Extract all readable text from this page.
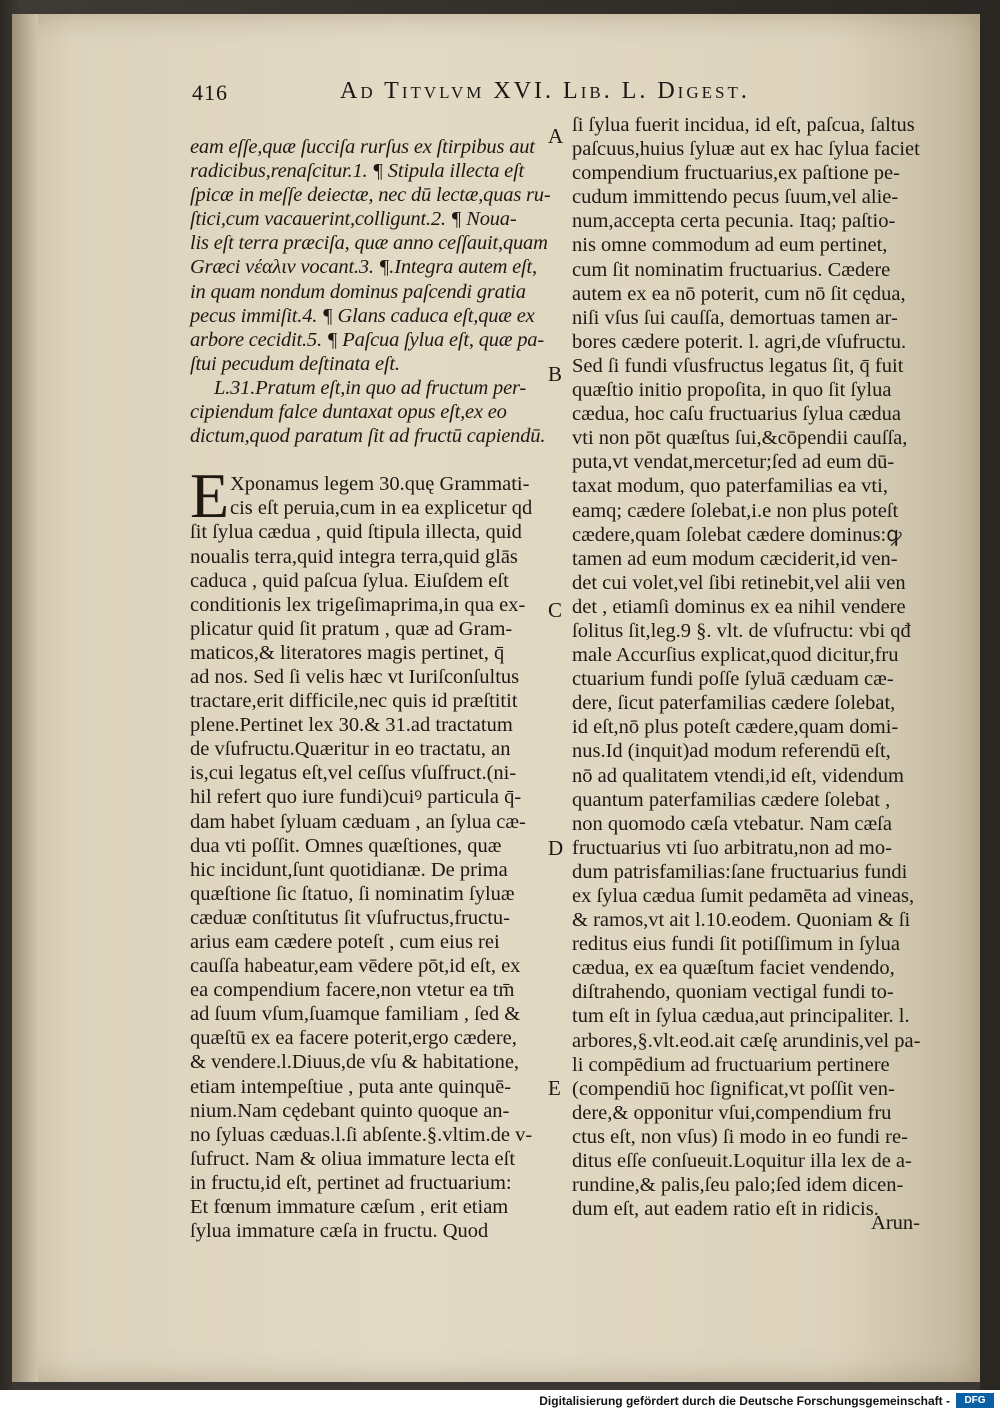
416	Ad Titvlvm XVI. Lib. L. Digest.
eam eſſe,quæ ſucciſa rurſus ex ſtirpibus aut
radicibus,renaſcitur.1. ¶ Stipula illecta eſt
ſpicæ in meſſe deiectæ, nec dū lectæ,quas ru-
ſtici,cum vacauerint,colligunt.2. ¶ Noua-
lis eſt terra præciſa, quæ anno ceſſauit,quam
Græci νέαλιν vocant.3. ¶.Integra autem eſt,
in quam nondum dominus paſcendi gratia
pecus immiſit.4. ¶ Glans caduca eſt,quæ ex
arbore cecidit.5. ¶ Paſcua ſylua eſt, quæ pa-
ſtui pecudum deſtinata eſt.
L.31.Pratum eſt,in quo ad fructum per-
cipiendum falce duntaxat opus eſt,ex eo
dictum,quod paratum ſit ad fructū capiendū.
Xponamus legem 30.quę Grammati-
cis eſt peruia,cum in ea explicetur qd
ſit ſylua cædua , quid ſtipula illecta, quid
noualis terra,quid integra terra,quid glās
caduca , quid paſcua ſylua. Eiuſdem eſt
conditionis lex trigeſimaprima,in qua ex-
plicatur quid ſit pratum , quæ ad Gram-
maticos,& literatores magis pertinet, q̄
ad nos. Sed ſi velis hæc vt Iuriſconſultus
tractare,erit difficile,nec quis id præſtitit
plene.Pertinet lex 30.& 31.ad tractatum
de vſufructu.Quæritur in eo tractatu, an
is,cui legatus eſt,vel ceſſus vſuſfruct.(ni-
hil refert quo iure fundi)cuiꝰ particula q̄-
dam habet ſyluam cæduam , an ſylua cæ-
dua vti poſſit. Omnes quæſtiones, quæ
hic incidunt,ſunt quotidianæ. De prima
quæſtione ſic ſtatuo, ſi nominatim ſyluæ
cæduæ conſtitutus ſit vſufructus,fructu-
arius eam cædere poteſt , cum eius rei
cauſſa habeatur,eam vēdere pōt,id eſt, ex
ea compendium facere,non vtetur ea tm̄
ad ſuum vſum,ſuamque familiam , ſed &
quæſtū ex ea facere poterit,ergo cædere,
& vendere.l.Diuus,de vſu & habitatione,
etiam intempeſtiue , puta ante quinquē-
nium.Nam cędebant quinto quoque an-
no ſyluas cæduas.l.ſi abſente.§.vltim.de v-
ſufruct. Nam & oliua immature lecta eſt
in fructu,id eſt, pertinet ad fructuarium:
Et fœnum immature cæſum , erit etiam
ſylua immature cæſa in fructu. Quod
E
A
B
C
D
E
ſi ſylua fuerit incidua, id eſt, paſcua, ſaltus
paſcuus,huius ſyluæ aut ex hac ſylua faciet
compendium fructuarius,ex paſtione pe-
cudum immittendo pecus ſuum,vel alie-
num,accepta certa pecunia. Itaq; paſtio-
nis omne commodum ad eum pertinet,
cum ſit nominatim fructuarius. Cædere
autem ex ea nō poterit, cum nō ſit cędua,
niſi vſus ſui cauſſa, demortuas tamen ar-
bores cædere poterit. l. agri,de vſufructu.
Sed ſi fundi vſusfructus legatus ſit, q̄ fuit
quæſtio initio propoſita, in quo ſit ſylua
cædua, hoc caſu fructuarius ſylua cædua
vti non pōt quæſtus ſui,&cōpendii cauſſa,
puta,vt vendat,mercetur;ſed ad eum dū-
taxat modum, quo paterfamilias ea vti,
eamq; cædere ſolebat,i.e non plus poteſt
cædere,quam ſolebat cædere dominus:ꝙ
tamen ad eum modum cæciderit,id ven-
det cui volet,vel ſibi retinebit,vel alii ven
det , etiamſi dominus ex ea nihil vendere
ſolitus ſit,leg.9 §. vlt. de vſufructu: vbi qđ
male Accurſius explicat,quod dicitur,fru
ctuarium fundi poſſe ſyluā cæduam cæ-
dere, ſicut paterfamilias cædere ſolebat,
id eſt,nō plus poteſt cædere,quam domi-
nus.Id (inquit)ad modum referendū eſt,
nō ad qualitatem vtendi,id eſt, videndum
quantum paterfamilias cædere ſolebat ,
non quomodo cæſa vtebatur. Nam cæſa
fructuarius vti ſuo arbitratu,non ad mo-
dum patrisfamilias:ſane fructuarius fundi
ex ſylua cædua ſumit pedamēta ad vineas,
& ramos,vt ait l.10.eodem. Quoniam & ſi
reditus eius fundi ſit potiſſimum in ſylua
cædua, ex ea quæſtum faciet vendendo,
diſtrahendo, quoniam vectigal fundi to-
tum eſt in ſylua cædua,aut principaliter. l.
arbores,§.vlt.eod.ait cæſę arundinis,vel pa-
li compēdium ad fructuarium pertinere
(compendiū hoc ſignificat,vt poſſit ven-
dere,& opponitur vſui,compendium fru
ctus eſt, non vſus) ſi modo in eo fundi re-
ditus eſſe conſueuit.Loquitur illa lex de a-
rundine,& palis,ſeu palo;ſed idem dicen-
dum eſt, aut eadem ratio eſt in ridicis.
Arun-
Digitalisierung gefördert durch die Deutsche Forschungsgemeinschaft -	DFG
